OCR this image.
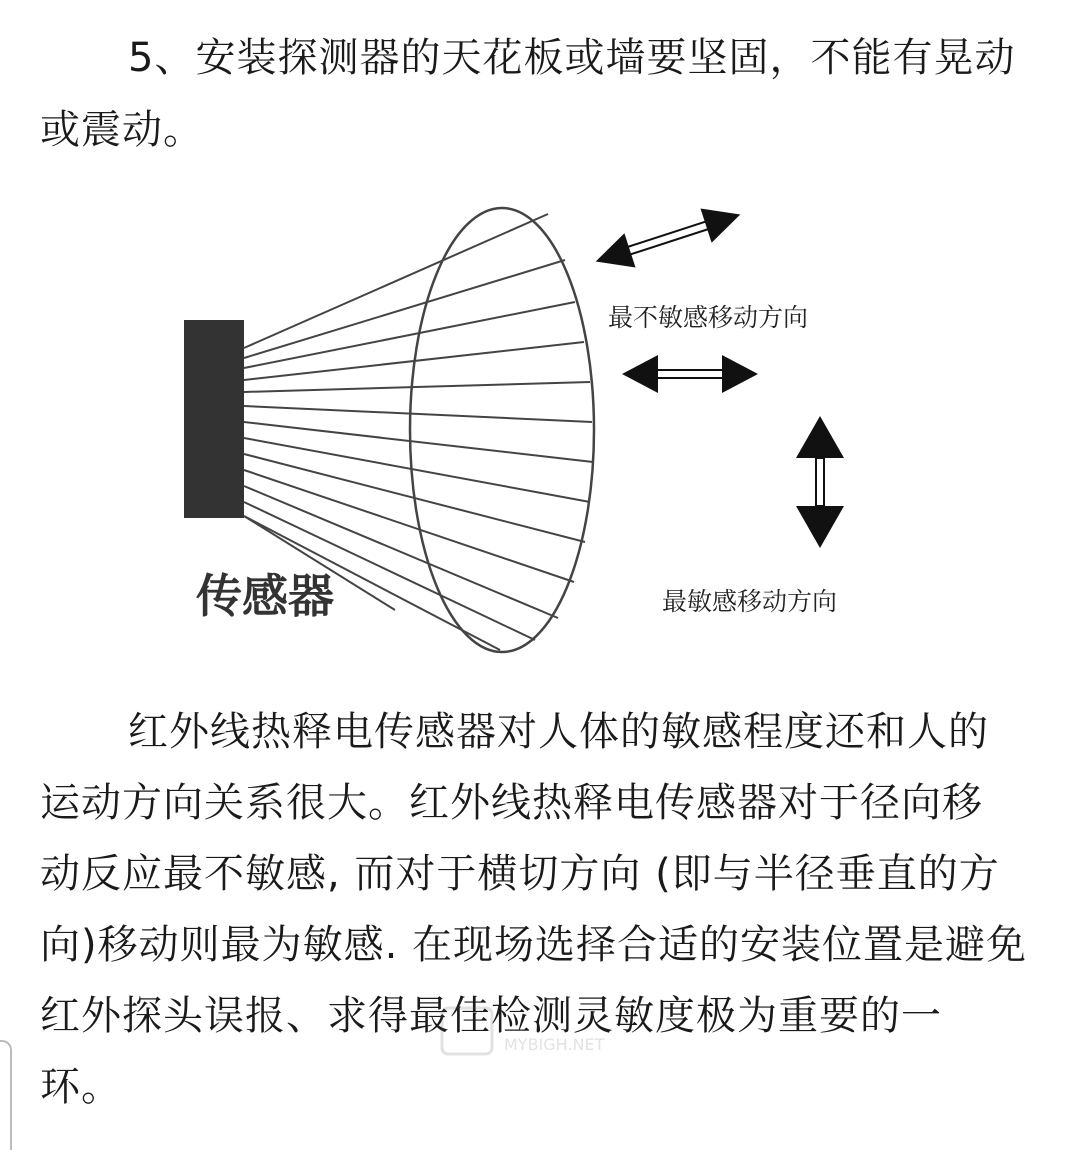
5、安装探测器的天花板或墙要坚固，不能有晃动
或震动。
最不敏感移动方向
最敏感移动方向
传感器
红外线热释电传感器对人体的敏感程度还和人的
运动方向关系很大。红外线热释电传感器对于径向移
动反应最不敏感, 而对于横切方向 (即与半径垂直的方
向)移动则最为敏感. 在现场选择合适的安装位置是避免
红外探头误报、求得最佳检测灵敏度极为重要的一
环。
MYBIGH.NET
